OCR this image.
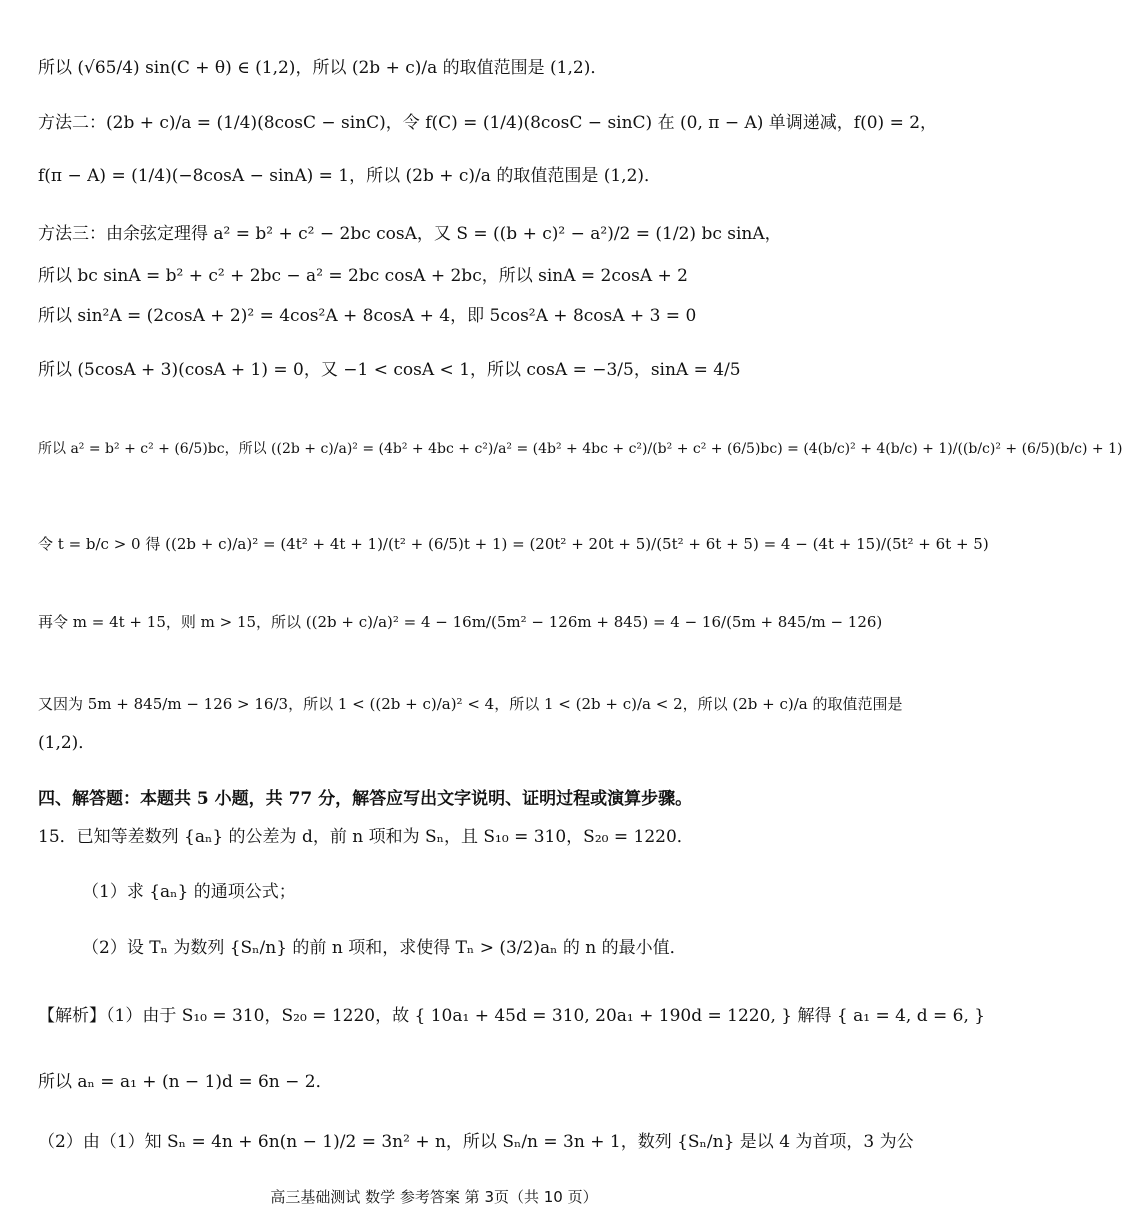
所以 (√65/4) sin(C + θ) ∈ (1,2)，所以 (2b + c)/a 的取值范围是 (1,2)．
方法二：(2b + c)/a = (1/4)(8cosC − sinC)，令 f(C) = (1/4)(8cosC − sinC) 在 (0, π − A) 单调递减，f(0) = 2，
f(π − A) = (1/4)(−8cosA − sinA) = 1，所以 (2b + c)/a 的取值范围是 (1,2)．
方法三：由余弦定理得 a² = b² + c² − 2bc cosA，又 S = ((b + c)² − a²)/2 = (1/2) bc sinA，
所以 bc sinA = b² + c² + 2bc − a² = 2bc cosA + 2bc，所以 sinA = 2cosA + 2
所以 sin²A = (2cosA + 2)² = 4cos²A + 8cosA + 4，即 5cos²A + 8cosA + 3 = 0
所以 (5cosA + 3)(cosA + 1) = 0，又 −1 < cosA < 1，所以 cosA = −3/5，sinA = 4/5
所以 a² = b² + c² + (6/5)bc，所以 ((2b + c)/a)² = (4b² + 4bc + c²)/a² = (4b² + 4bc + c²)/(b² + c² + (6/5)bc) = (4(b/c)² + 4(b/c) + 1)/((b/c)² + (6/5)(b/c) + 1)
令 t = b/c > 0 得 ((2b + c)/a)² = (4t² + 4t + 1)/(t² + (6/5)t + 1) = (20t² + 20t + 5)/(5t² + 6t + 5) = 4 − (4t + 15)/(5t² + 6t + 5)
再令 m = 4t + 15，则 m > 15，所以 ((2b + c)/a)² = 4 − 16m/(5m² − 126m + 845) = 4 − 16/(5m + 845/m − 126)
又因为 5m + 845/m − 126 > 16/3，所以 1 < ((2b + c)/a)² < 4，所以 1 < (2b + c)/a < 2，所以 (2b + c)/a 的取值范围是
(1,2)．
四、解答题：本题共 5 小题，共 77 分，解答应写出文字说明、证明过程或演算步骤。
15．已知等差数列 {aₙ} 的公差为 d，前 n 项和为 Sₙ，且 S₁₀ = 310，S₂₀ = 1220．
（1）求 {aₙ} 的通项公式；
（2）设 Tₙ 为数列 {Sₙ/n} 的前 n 项和，求使得 Tₙ > (3/2)aₙ 的 n 的最小值．
【解析】（1）由于 S₁₀ = 310，S₂₀ = 1220，故 { 10a₁ + 45d = 310, 20a₁ + 190d = 1220, } 解得 { a₁ = 4, d = 6, }
所以 aₙ = a₁ + (n − 1)d = 6n − 2．
（2）由（1）知 Sₙ = 4n + 6n(n − 1)/2 = 3n² + n，所以 Sₙ/n = 3n + 1，数列 {Sₙ/n} 是以 4 为首项，3 为公
高三基础测试 数学 参考答案 第 3页（共 10 页）
